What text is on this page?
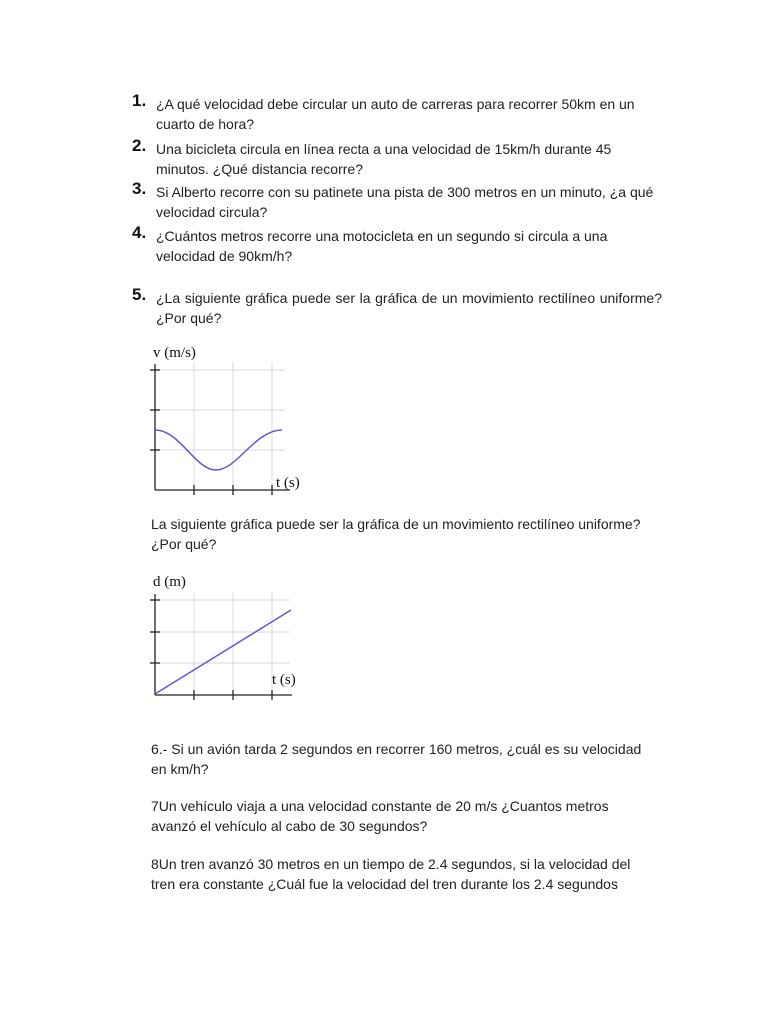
1. ¿A qué velocidad debe circular un auto de carreras para recorrer 50km en un cuarto de hora?
2. Una bicicleta circula en línea recta a una velocidad de 15km/h durante 45 minutos. ¿Qué distancia recorre?
3. Si Alberto recorre con su patinete una pista de 300 metros en un minuto, ¿a qué velocidad circula?
4. ¿Cuántos metros recorre una motocicleta en un segundo si circula a una velocidad de 90km/h?
5. ¿La siguiente gráfica puede ser la gráfica de un movimiento rectilíneo uniforme? ¿Por qué?
v (m/s)
t (s)
La siguiente gráfica puede ser la gráfica de un movimiento rectilíneo uniforme? ¿Por qué?
d (m)
t (s)
6.- Si un avión tarda 2 segundos en recorrer 160 metros, ¿cuál es su velocidad en km/h?
7Un vehículo viaja a una velocidad constante de 20 m/s ¿Cuantos metros avanzó el vehículo al cabo de 30 segundos?
8Un tren avanzó 30 metros en un tiempo de 2.4 segundos, si la velocidad del tren era constante ¿Cuál fue la velocidad del tren durante los 2.4 segundos
